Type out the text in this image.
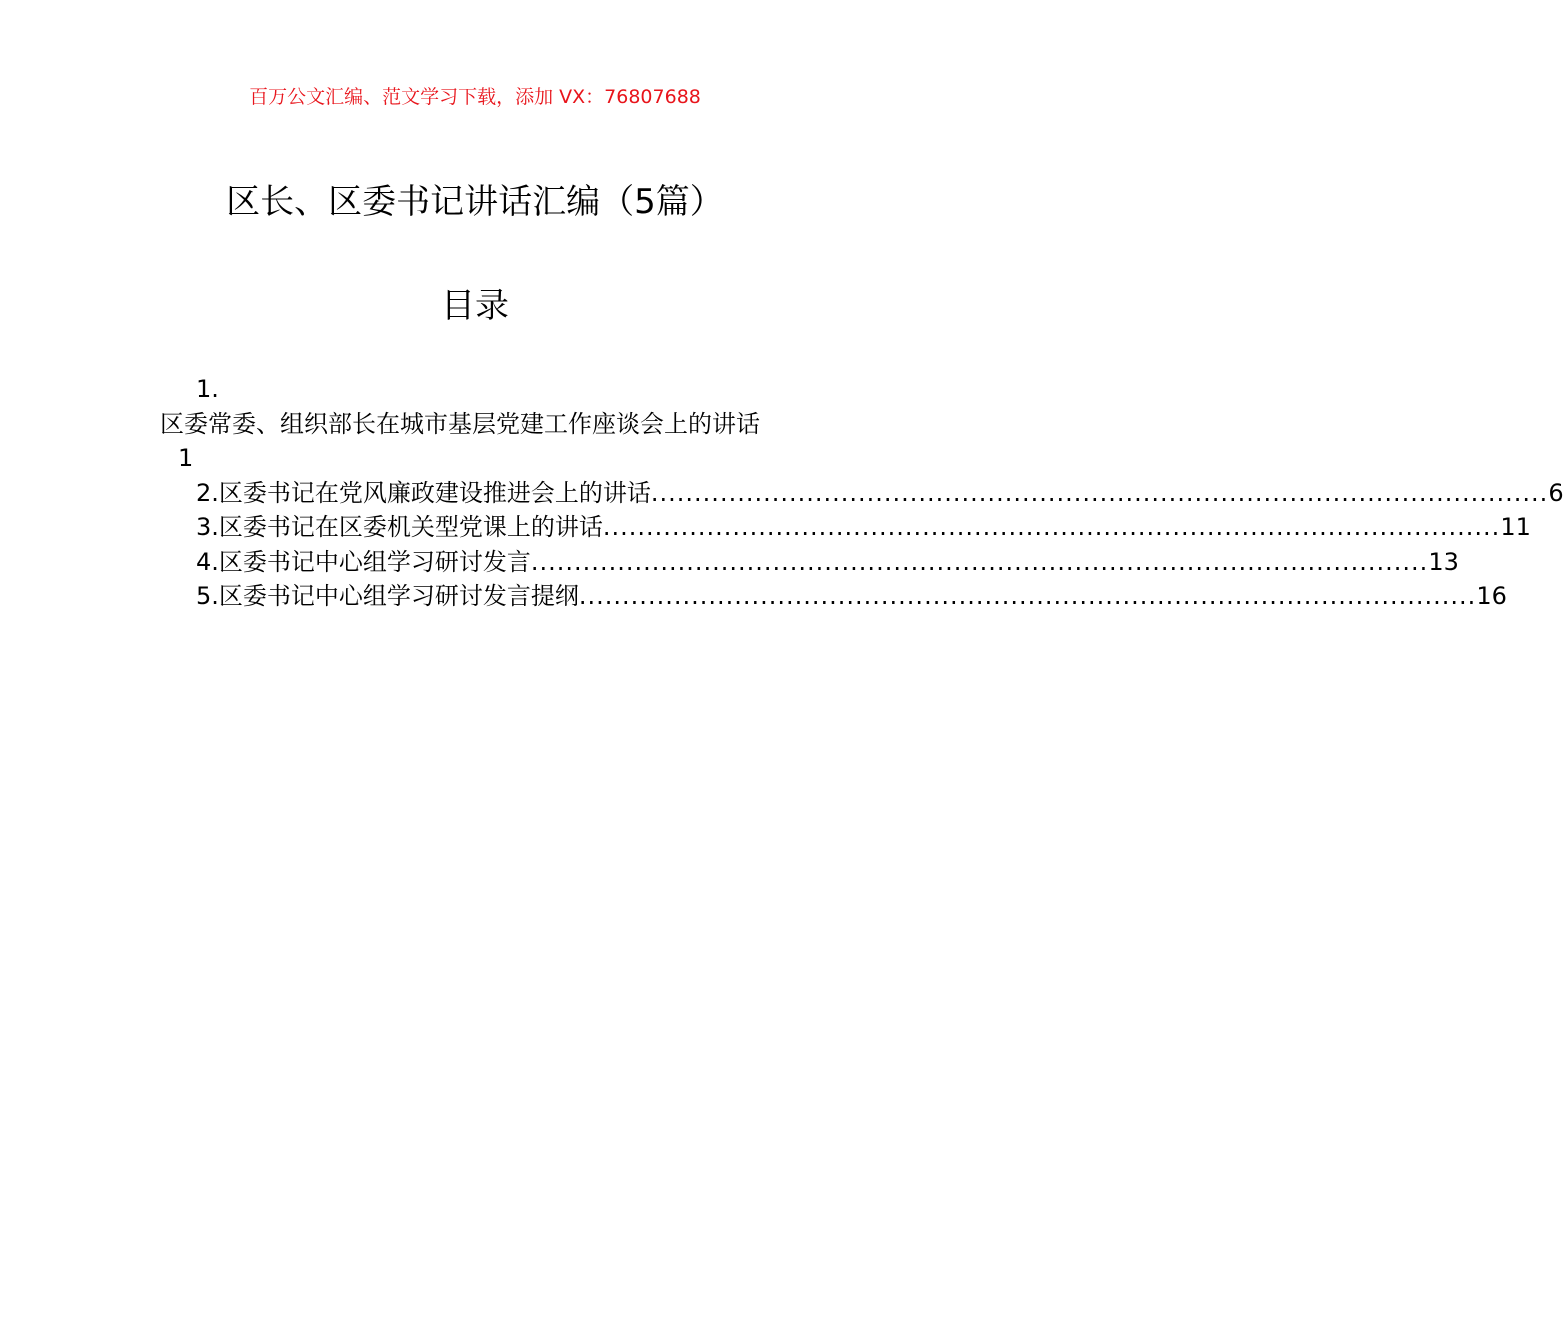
百万公文汇编、范文学习下载，添加 VX：76807688
区长、区委书记讲话汇编（5篇）
目录
1.
区委常委、组织部长在城市基层党建工作座谈会上的讲话
1
2.区委书记在党风廉政建设推进会上的讲话 ........................................................................................................ 6
3.区委书记在区委机关型党课上的讲话 ........................................................................................................ 11
4.区委书记中心组学习研讨发言 ........................................................................................................ 13
5.区委书记中心组学习研讨发言提纲 ........................................................................................................ 16
